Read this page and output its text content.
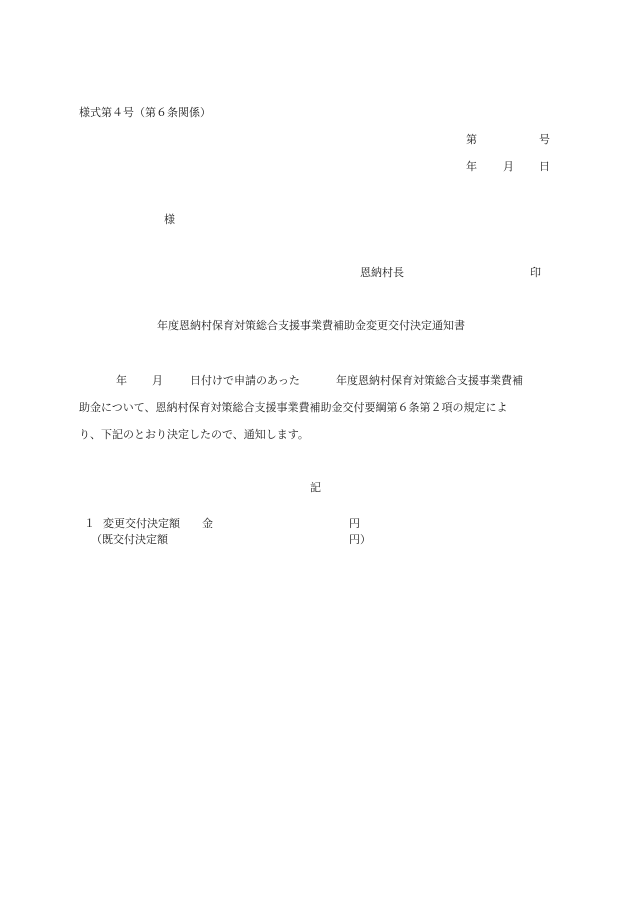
様式第４号（第６条関係）
第	号
年 月 日
様
恩納村長	印
年度恩納村保育対策総合支援事業費補助金変更交付決定通知書
年 月 日付けで申請のあった	年度恩納村保育対策総合支援事業費補
助金について、恩納村保育対策総合支援事業費補助金交付要綱第６条第２項の規定によ
り、下記のとおり決定したので、通知します。
記
１ 変更交付決定額 金	円
（既交付決定額	円）
